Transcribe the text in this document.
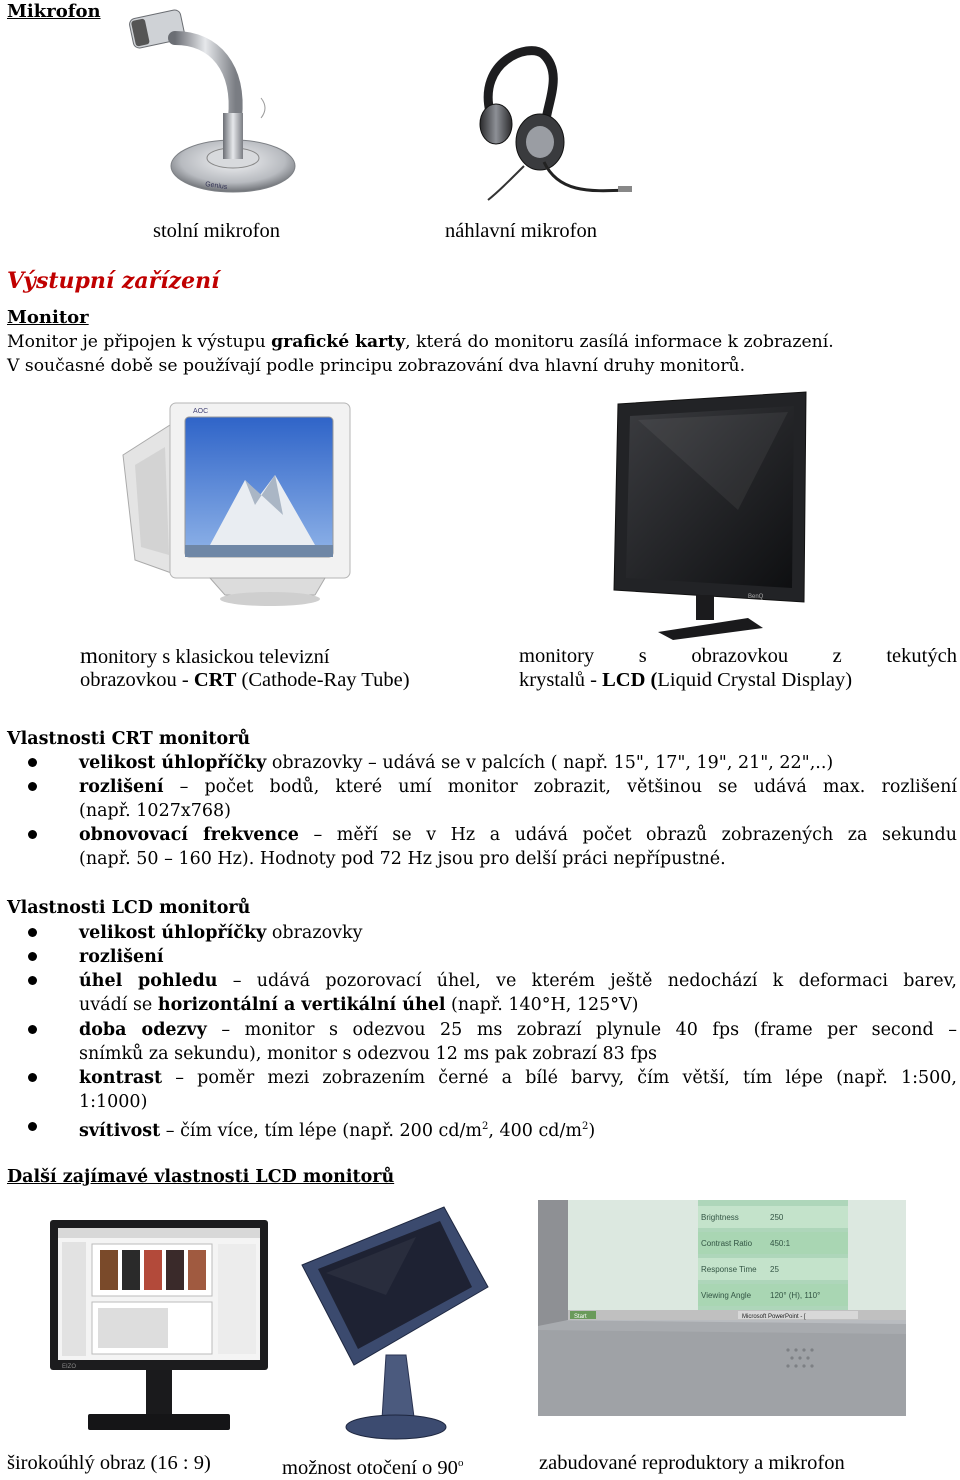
Mikrofon
Genius
stolní mikrofon	náhlavní mikrofon
Výstupní zařízení
Monitor
Monitor je připojen k výstupu grafické karty, která do monitoru zasílá informace k zobrazení.
V současné době se používají podle principu zobrazování dva hlavní druhy monitorů.
AOC
BenQ
monitory s klasickou televizní
obrazovkou - CRT (Cathode-Ray Tube)
monitory s obrazovkou z tekutých
krystalů - LCD (Liquid Crystal Display)
Vlastnosti CRT monitorů
velikost úhlopříčky obrazovky – udává se v palcích ( např. 15", 17", 19", 21", 22",..)
rozlišení – počet bodů, které umí monitor zobrazit, většinou se udává max. rozlišení
(např. 1027x768)
obnovovací frekvence – měří se v Hz a udává počet obrazů zobrazených za sekundu
(např. 50 – 160 Hz). Hodnoty pod 72 Hz jsou pro delší práci nepřípustné.
Vlastnosti LCD monitorů
velikost úhlopříčky obrazovky
rozlišení
úhel pohledu – udává pozorovací úhel, ve kterém ještě nedochází k deformaci barev,
uvádí se horizontální a vertikální úhel (např. 140°H, 125°V)
doba odezvy – monitor s odezvou 25 ms zobrazí plynule 40 fps (frame per second –
snímků za sekundu), monitor s odezvou 12 ms pak zobrazí 83 fps
kontrast – poměr mezi zobrazením černé a bílé barvy, čím větší, tím lépe (např. 1:500,
1:1000)
svítivost – čím více, tím lépe (např. 200 $cd/m^2$, 400 $cd/m^2$)
Další zajímavé vlastnosti LCD monitorů
EIZO
Brightness	250
Contrast Ratio 450:1
Response Time 25
Viewing Angle 120° (H), 110°
Start	Microsoft PowerPoint - [
širokoúhlý obraz (16 : 9)	možnost otočení o 90$^o$	zabudované reproduktory a mikrofon
